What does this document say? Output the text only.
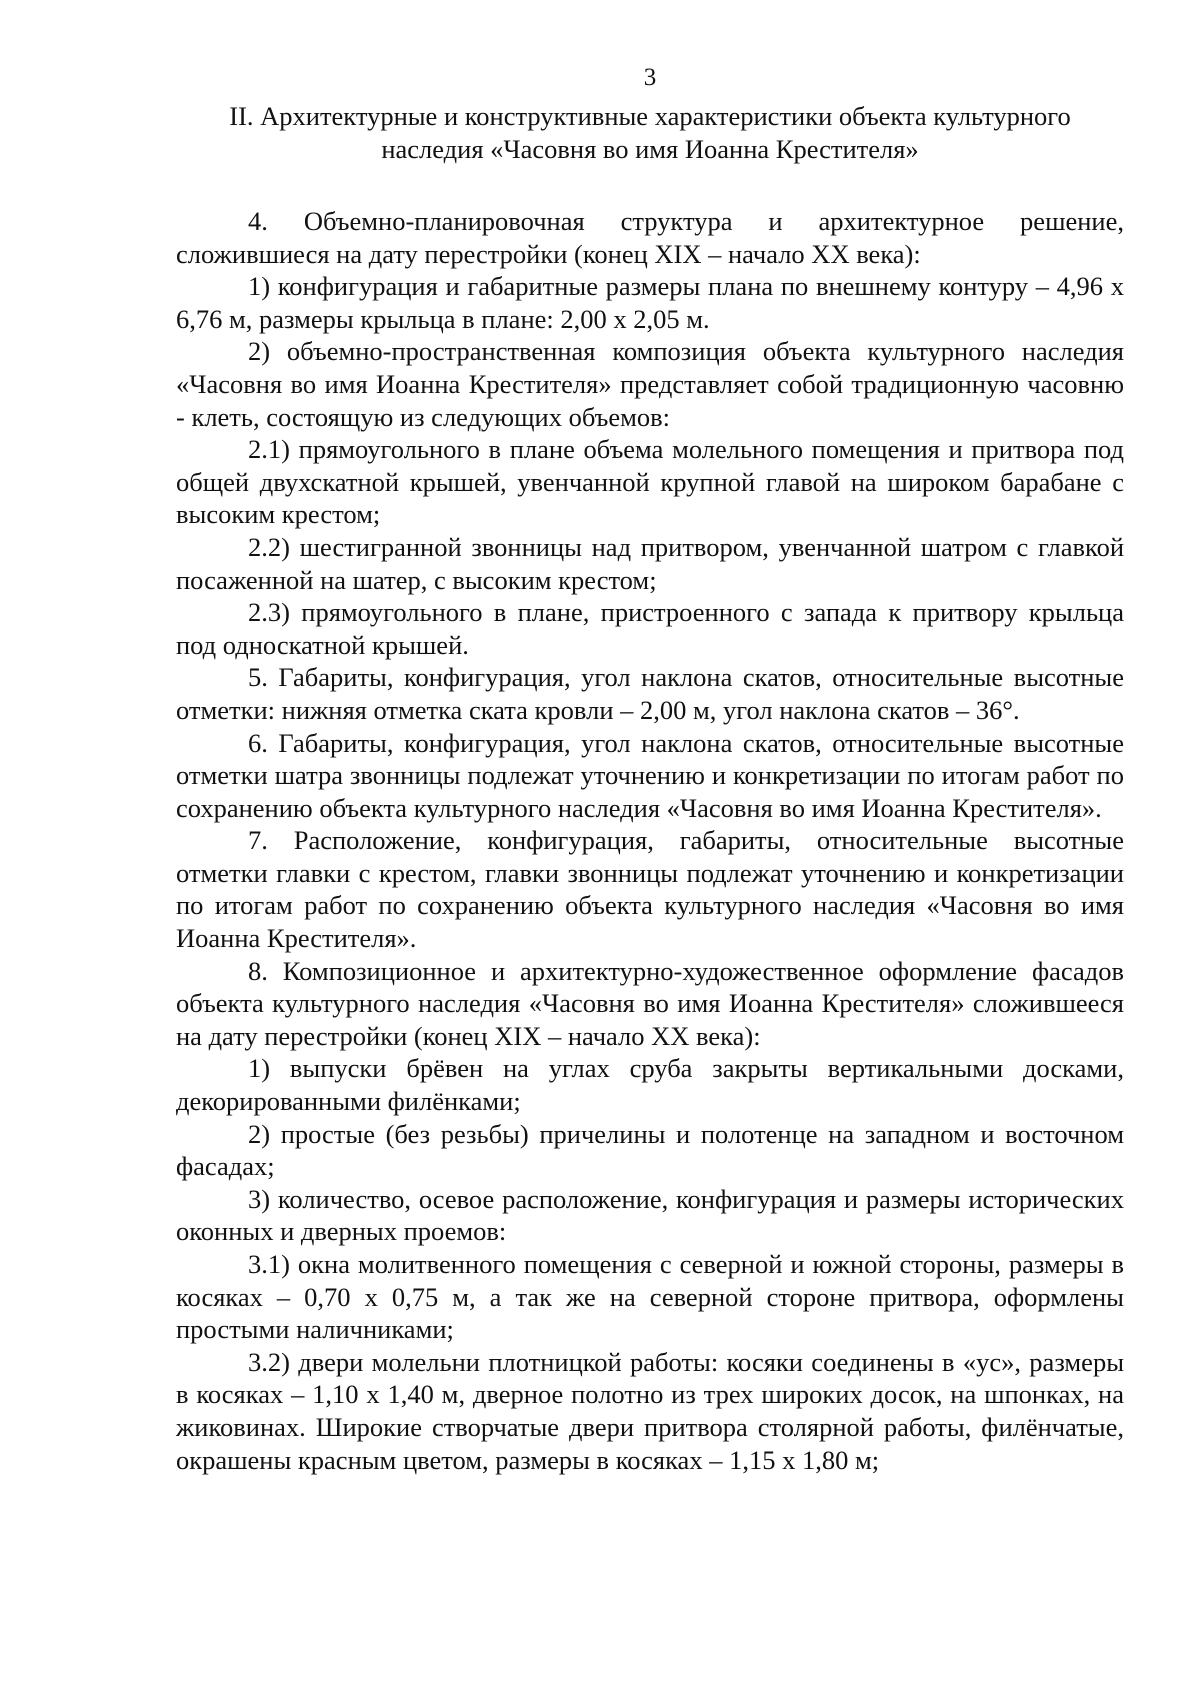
3
II. Архитектурные и конструктивные характеристики объекта культурного
наследия «Часовня во имя Иоанна Крестителя»

4. Объемно-планировочная структура и архитектурное решение, сложившиеся на дату перестройки (конец XIX – начало XX века):

1) конфигурация и габаритные размеры плана по внешнему контуру – 4,96 х 6,76 м, размеры крыльца в плане: 2,00 х 2,05 м.

2) объемно-пространственная композиция объекта культурного наследия «Часовня во имя Иоанна Крестителя» представляет собой традиционную часовню - клеть, состоящую из следующих объемов:

2.1) прямоугольного в плане объема молельного помещения и притвора под общей двухскатной крышей, увенчанной крупной главой на широком барабане с высоким крестом;

2.2) шестигранной звонницы над притвором, увенчанной шатром с главкой посаженной на шатер, с высоким крестом;

2.3) прямоугольного в плане, пристроенного с запада к притвору крыльца под односкатной крышей.

5. Габариты, конфигурация, угол наклона скатов, относительные высотные отметки: нижняя отметка ската кровли – 2,00 м, угол наклона скатов – 36°.

6. Габариты, конфигурация, угол наклона скатов, относительные высотные отметки шатра звонницы подлежат уточнению и конкретизации по итогам работ по сохранению объекта культурного наследия «Часовня во имя Иоанна Крестителя».

7. Расположение, конфигурация, габариты, относительные высотные отметки главки с крестом, главки звонницы подлежат уточнению и конкретизации по итогам работ по сохранению объекта культурного наследия «Часовня во имя Иоанна Крестителя».

8. Композиционное и архитектурно-художественное оформление фасадов объекта культурного наследия «Часовня во имя Иоанна Крестителя» сложившееся на дату перестройки (конец XIX – начало XX века):

1) выпуски брёвен на углах сруба закрыты вертикальными досками, декорированными филёнками;

2) простые (без резьбы) причелины и полотенце на западном и восточном фасадах;

3) количество, осевое расположение, конфигурация и размеры исторических оконных и дверных проемов:

3.1) окна молитвенного помещения с северной и южной стороны, размеры в косяках – 0,70 х 0,75 м, а так же на северной стороне притвора, оформлены простыми наличниками;

3.2) двери молельни плотницкой работы: косяки соединены в «ус», размеры в косяках – 1,10 х 1,40 м, дверное полотно из трех широких досок, на шпонках, на жиковинах. Широкие створчатые двери притвора столярной работы, филёнчатые, окрашены красным цветом, размеры в косяках – 1,15 х 1,80 м;
